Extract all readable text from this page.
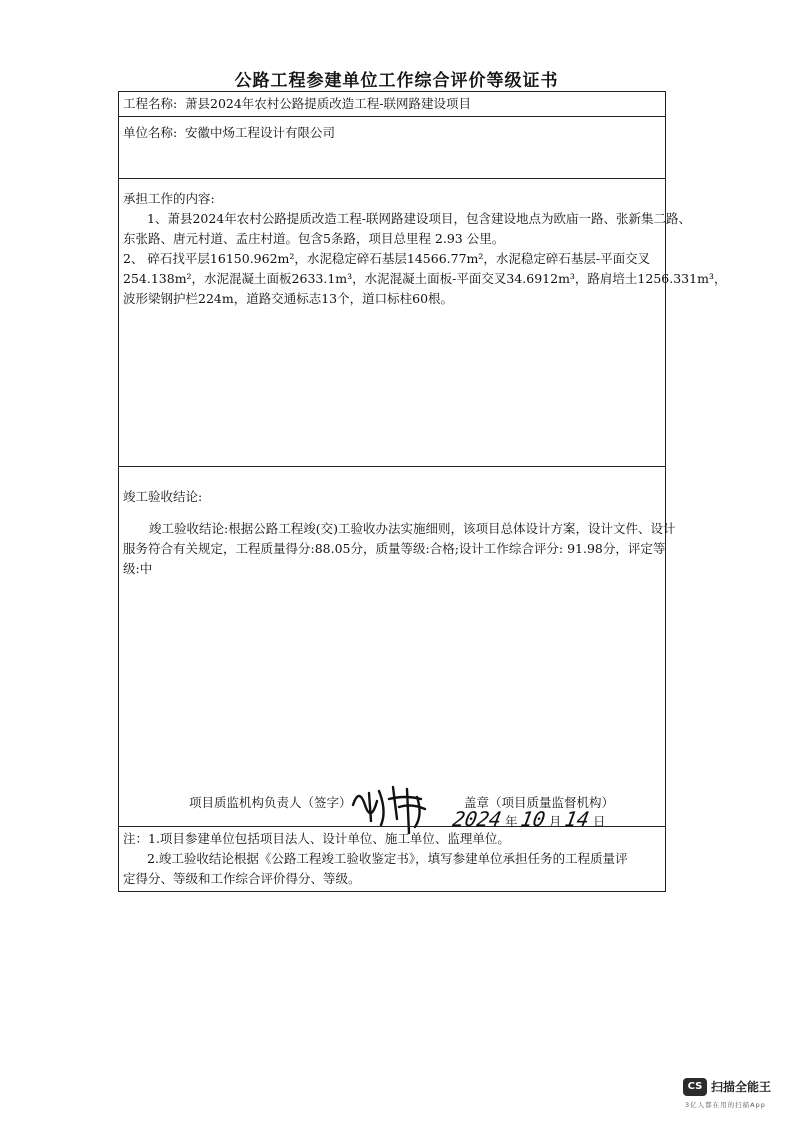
公路工程参建单位工作综合评价等级证书
工程名称: 萧县2024年农村公路提质改造工程-联网路建设项目
单位名称: 安徽中炀工程设计有限公司
承担工作的内容:
1、萧县2024年农村公路提质改造工程-联网路建设项目，包含建设地点为欧庙一路、张新集二路、
东张路、唐元村道、孟庄村道。包含5条路，项目总里程 2.93 公里。
2、 碎石找平层16150.962m²，水泥稳定碎石基层14566.77m²，水泥稳定碎石基层-平面交叉
254.138m²，水泥混凝土面板2633.1m³，水泥混凝土面板-平面交叉34.6912m³，路肩培土1256.331m³，
波形梁钢护栏224m，道路交通标志13个，道口标柱60根。
竣工验收结论:
竣工验收结论:根据公路工程竣(交)工验收办法实施细则，该项目总体设计方案，设计文件、设计
服务符合有关规定，工程质量得分:88.05分，质量等级:合格;设计工作综合评分: 91.98分，评定等
级:中
项目质监机构负责人（签字）	盖章（项目质量监督机构）
2024 年 10 月 14 日
注：1.项目参建单位包括项目法人、设计单位、施工单位、监理单位。
2.竣工验收结论根据《公路工程竣工验收鉴定书》，填写参建单位承担任务的工程质量评
定得分、等级和工作综合评价得分、等级。
CS 扫描全能王
3亿人都在用的扫描App
